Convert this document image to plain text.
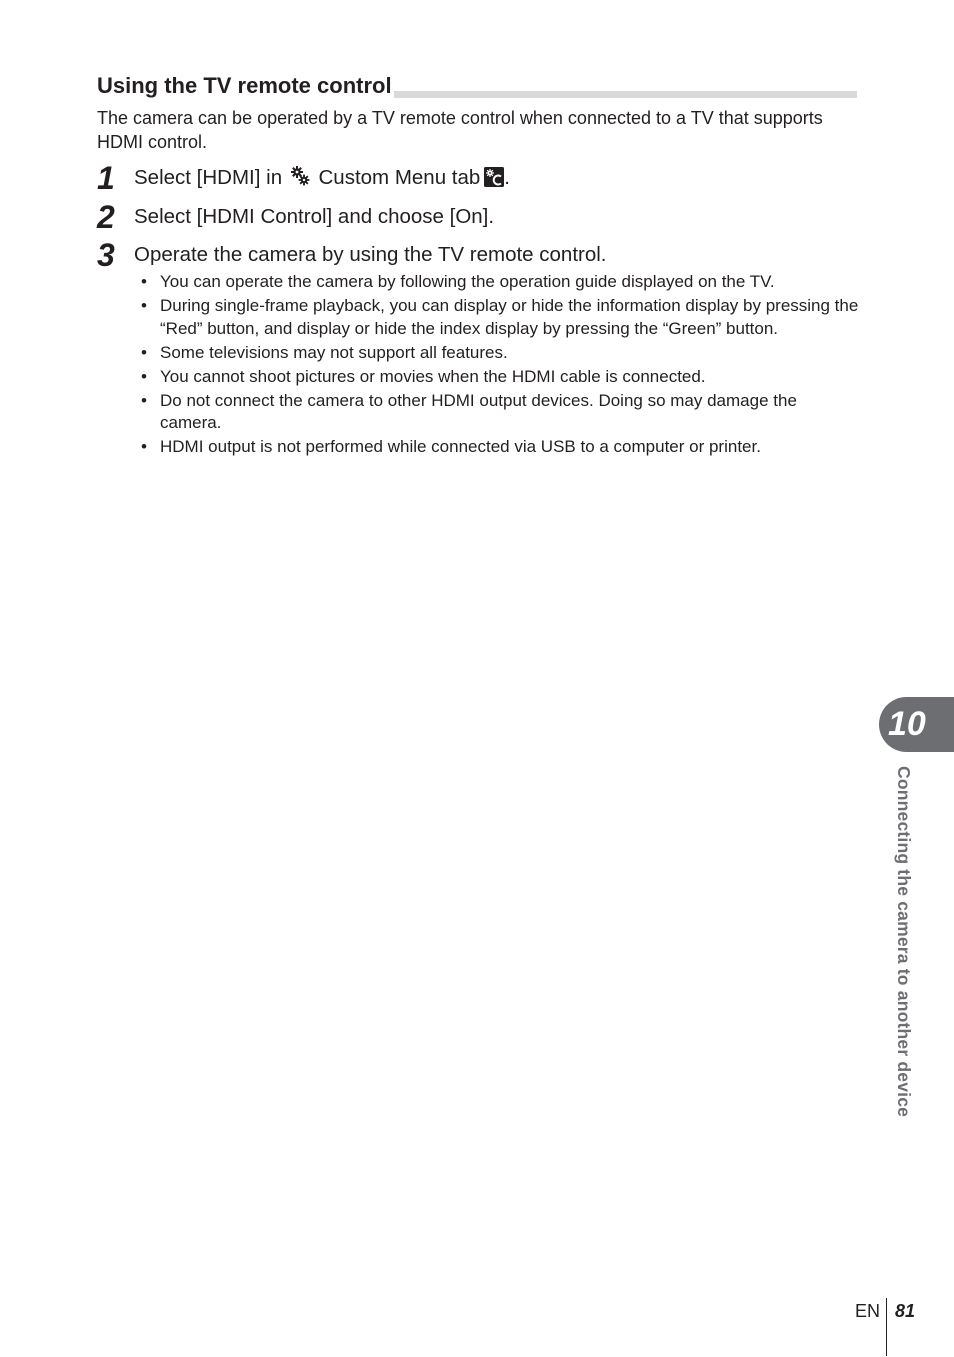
Using the TV remote control

The camera can be operated by a TV remote control when connected to a TV that supports HDMI control.

1 Select [HDMI] in  Custom Menu tab .
2 Select [HDMI Control] and choose [On].
3 Operate the camera by using the TV remote control.
• You can operate the camera by following the operation guide displayed on the TV.
• During single-frame playback, you can display or hide the information display by pressing the “Red” button, and display or hide the index display by pressing the “Green” button.
• Some televisions may not support all features.
• You cannot shoot pictures or movies when the HDMI cable is connected.
• Do not connect the camera to other HDMI output devices. Doing so may damage the camera.
• HDMI output is not performed while connected via USB to a computer or printer.
10
Connecting the camera to another device
EN 81
